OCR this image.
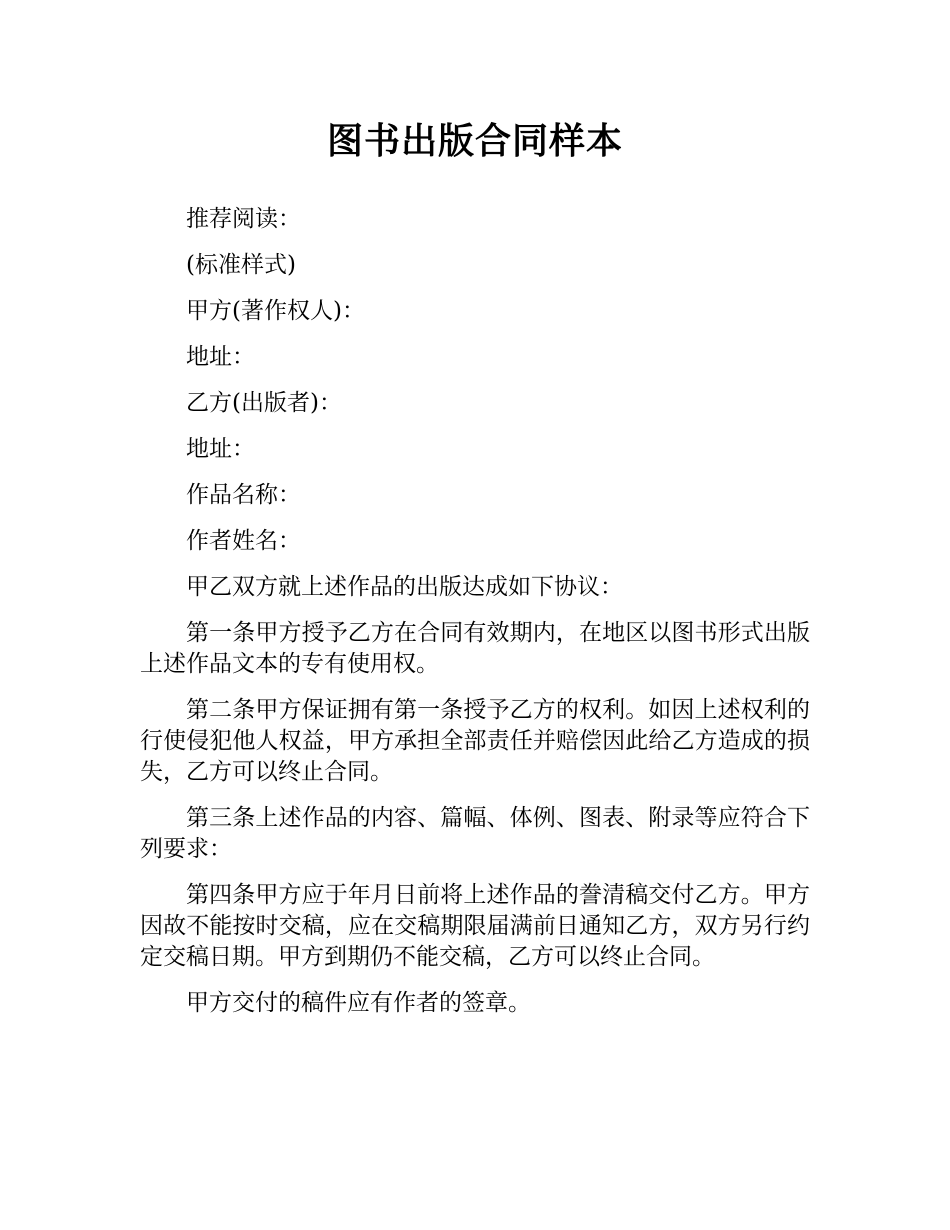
图书出版合同样本

推荐阅读：

(标准样式)

甲方(著作权人)：

地址：

乙方(出版者)：

地址：

作品名称：

作者姓名：

甲乙双方就上述作品的出版达成如下协议：

第一条甲方授予乙方在合同有效期内，在地区以图书形式出版上述作品文本的专有使用权。

第二条甲方保证拥有第一条授予乙方的权利。如因上述权利的行使侵犯他人权益，甲方承担全部责任并赔偿因此给乙方造成的损失，乙方可以终止合同。

第三条上述作品的内容、篇幅、体例、图表、附录等应符合下列要求：

第四条甲方应于年月日前将上述作品的誊清稿交付乙方。甲方因故不能按时交稿，应在交稿期限届满前日通知乙方，双方另行约定交稿日期。甲方到期仍不能交稿，乙方可以终止合同。

甲方交付的稿件应有作者的签章。
